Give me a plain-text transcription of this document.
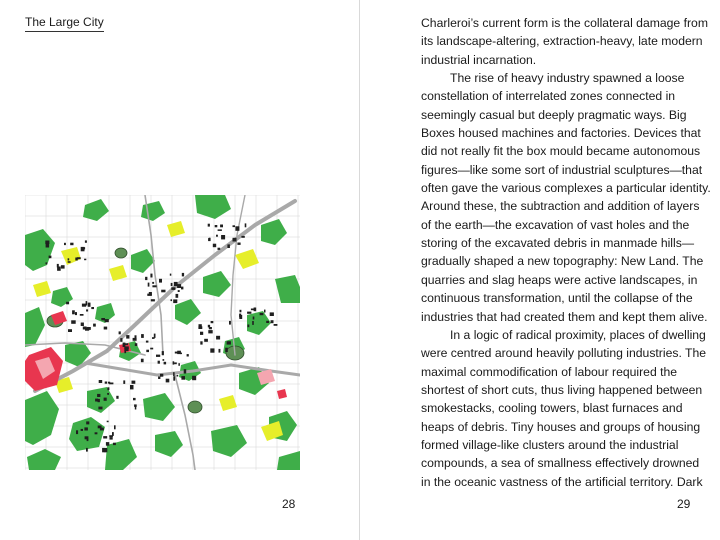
The Large City
28

Charleroi’s current form is the collateral damage from its landscape-altering, extraction-heavy, late modern industrial incarnation.

The rise of heavy industry spawned a loose constellation of interrelated zones connected in seemingly casual but deeply pragmatic ways. Big Boxes housed machines and factories. Devices that did not really fit the box mould became autonomous figures—like some sort of industrial sculptures—that often gave the various complexes a particular identity. Around these, the subtraction and addition of layers of the earth—the excavation of vast holes and the storing of the excavated debris in manmade hills—gradually shaped a new topography: New Land. The quarries and slag heaps were active landscapes, in continuous transformation, until the collapse of the industries that had created them and kept them alive.

In a logic of radical proximity, places of dwelling were centred around heavily polluting industries. The maximal commodification of labour required the shortest of short cuts, thus living happened between smokestacks, cooling towers, blast furnaces and heaps of debris. Tiny houses and groups of housing formed village-like clusters around the industrial compounds, a sea of smallness effectively drowned in the oceanic vastness of the artificial territory. Dark

29
